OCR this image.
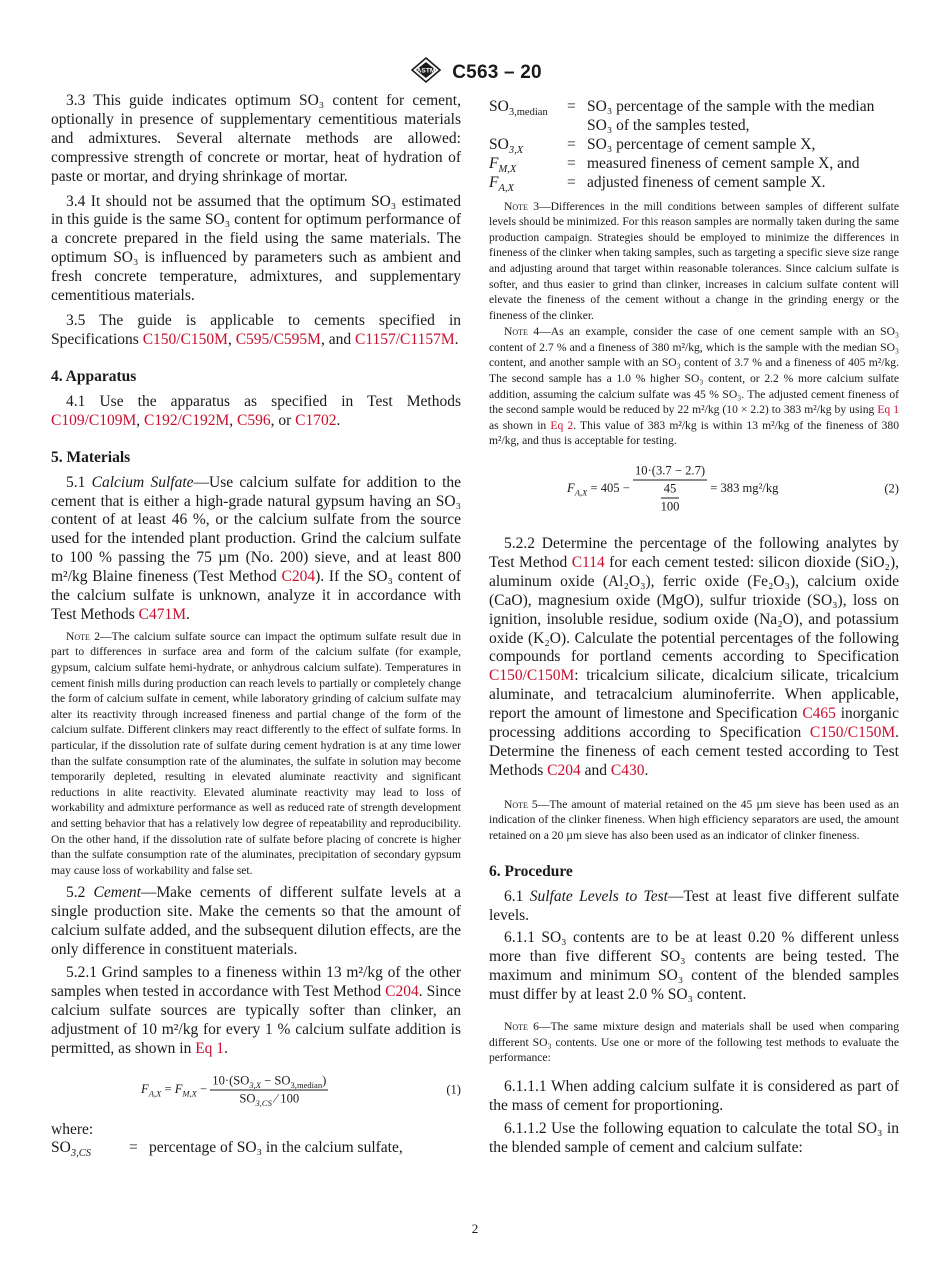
ASTM C563 – 20

3.3 This guide indicates optimum SO₃ content for cement, optionally in presence of supplementary cementitious materials and admixtures. Several alternate methods are allowed: compressive strength of concrete or mortar, heat of hydration of paste or mortar, and drying shrinkage of mortar.

3.4 It should not be assumed that the optimum SO₃ estimated in this guide is the same SO₃ content for optimum performance of a concrete prepared in the field using the same materials. The optimum SO₃ is influenced by parameters such as ambient and fresh concrete temperature, admixtures, and supplementary cementitious materials.

3.5 The guide is applicable to cements specified in Specifications C150/C150M, C595/C595M, and C1157/C1157M.

4. Apparatus

4.1 Use the apparatus as specified in Test Methods C109/C109M, C192/C192M, C596, or C1702.

5. Materials

5.1 Calcium Sulfate—Use calcium sulfate for addition to the cement that is either a high-grade natural gypsum having an SO₃ content of at least 46 %, or the calcium sulfate from the source used for the intended plant production. Grind the calcium sulfate to 100 % passing the 75 µm (No. 200) sieve, and at least 800 m²/kg Blaine fineness (Test Method C204). If the SO₃ content of the calcium sulfate is unknown, analyze it in accordance with Test Methods C471M.

Note 2—The calcium sulfate source can impact the optimum sulfate result due in part to differences in surface area and form of the calcium sulfate (for example, gypsum, calcium sulfate hemi-hydrate, or anhydrous calcium sulfate). Temperatures in cement finish mills during production can reach levels to partially or completely change the form of calcium sulfate in cement, while laboratory grinding of calcium sulfate may alter its reactivity through increased fineness and partial change of the form of the calcium sulfate. Different clinkers may react differently to the effect of sulfate forms. In particular, if the dissolution rate of sulfate during cement hydration is at any time lower than the sulfate consumption rate of the aluminates, the sulfate in solution may become temporarily depleted, resulting in elevated aluminate reactivity and significant reductions in alite reactivity. Elevated aluminate reactivity may lead to loss of workability and admixture performance as well as reduced rate of strength development and setting behavior that has a relatively low degree of repeatability and reproducibility. On the other hand, if the dissolution rate of sulfate before placing of concrete is higher than the sulfate consumption rate of the aluminates, precipitation of secondary gypsum may cause loss of workability and false set.

5.2 Cement—Make cements of different sulfate levels at a single production site. Make the cements so that the amount of calcium sulfate added, and the subsequent dilution effects, are the only difference in constituent materials.

5.2.1 Grind samples to a fineness within 13 m²/kg of the other samples when tested in accordance with Test Method C204. Since calcium sulfate sources are typically softer than clinker, an adjustment of 10 m²/kg for every 1 % calcium sulfate addition is permitted, as shown in Eq 1.

$F_{A,X} = F_{M,X} - \frac{10\cdot(SO_{3,X} - SO_{3,median})}{SO_{3,CS} ⁄ 100}$	(1)

where:

$SO_{3,CS}$	=	percentage of SO₃ in the calcium sulfate,
$SO_{3,median}$	=	SO₃ percentage of the sample with the median SO₃ of the samples tested,
$SO_{3,X}$	=	SO₃ percentage of cement sample X,
$F_{M,X}$	=	measured fineness of cement sample X, and
$F_{A,X}$	=	adjusted fineness of cement sample X.

Note 3—Differences in the mill conditions between samples of different sulfate levels should be minimized. For this reason samples are normally taken during the same production campaign. Strategies should be employed to minimize the differences in fineness of the clinker when taking samples, such as targeting a specific sieve size range and adjusting around that target within reasonable tolerances. Since calcium sulfate is softer, and thus easier to grind than clinker, increases in calcium sulfate content will elevate the fineness of the cement without a change in the grinding energy or the fineness of the clinker.

Note 4—As an example, consider the case of one cement sample with an SO₃ content of 2.7 % and a fineness of 380 m²/kg, which is the sample with the median SO₃ content, and another sample with an SO₃ content of 3.7 % and a fineness of 405 m²/kg. The second sample has a 1.0 % higher SO₃ content, or 2.2 % more calcium sulfate addition, assuming the calcium sulfate was 45 % SO₃. The adjusted cement fineness of the second sample would be reduced by 22 m²/kg (10 × 2.2) to 383 m²/kg by using Eq 1 as shown in Eq 2. This value of 383 m²/kg is within 13 m²/kg of the fineness of 380 m²/kg, and thus is acceptable for testing.

$F_{A,X} = 405 - \frac{10\cdot(3.7 - 2.7)}{\frac{45}{100}} = 383$ mg²/kg	(2)

5.2.2 Determine the percentage of the following analytes by Test Method C114 for each cement tested: silicon dioxide (SiO₂), aluminum oxide (Al₂O₃), ferric oxide (Fe₂O₃), calcium oxide (CaO), magnesium oxide (MgO), sulfur trioxide (SO₃), loss on ignition, insoluble residue, sodium oxide (Na₂O), and potassium oxide (K₂O). Calculate the potential percentages of the following compounds for portland cements according to Specification C150/C150M: tricalcium silicate, dicalcium silicate, tricalcium aluminate, and tetracalcium aluminoferrite. When applicable, report the amount of limestone and Specification C465 inorganic processing additions according to Specification C150/C150M. Determine the fineness of each cement tested according to Test Methods C204 and C430.

Note 5—The amount of material retained on the 45 µm sieve has been used as an indication of the clinker fineness. When high efficiency separators are used, the amount retained on a 20 µm sieve has also been used as an indicator of clinker fineness.

6. Procedure

6.1 Sulfate Levels to Test—Test at least five different sulfate levels.

6.1.1 SO₃ contents are to be at least 0.20 % different unless more than five different SO₃ contents are being tested. The maximum and minimum SO₃ content of the blended samples must differ by at least 2.0 % SO₃ content.

Note 6—The same mixture design and materials shall be used when comparing different SO₃ contents. Use one or more of the following test methods to evaluate the performance:

6.1.1.1 When adding calcium sulfate it is considered as part of the mass of cement for proportioning.

6.1.1.2 Use the following equation to calculate the total SO₃ in the blended sample of cement and calcium sulfate:

2
